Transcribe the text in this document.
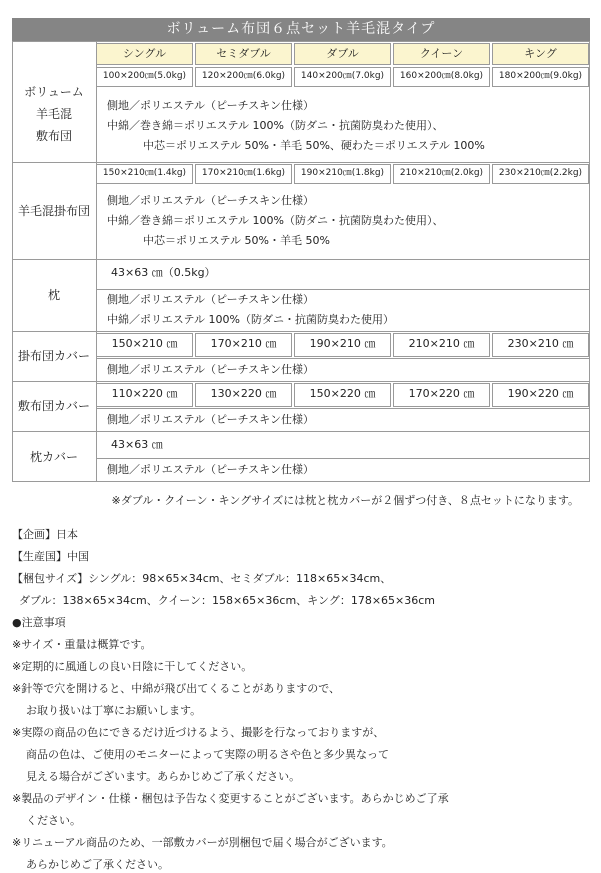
ボリューム布団６点セット羊毛混タイプ
シングル	セミダブル	ダブル	クイーン	キング
ボリューム
羊毛混
敷布団
100×200㎝(5.0kg)	120×200㎝(6.0kg)	140×200㎝(7.0kg)	160×200㎝(8.0kg)	180×200㎝(9.0kg)
側地／ポリエステル（ピーチスキン仕様）
中綿／巻き綿＝ポリエステル 100%（防ダニ・抗菌防臭わた使用）、
中芯＝ポリエステル 50%・羊毛 50%、硬わた＝ポリエステル 100%
羊毛混掛布団
150×210㎝(1.4kg)	170×210㎝(1.6kg)	190×210㎝(1.8kg)	210×210㎝(2.0kg)	230×210㎝(2.2kg)
側地／ポリエステル（ピーチスキン仕様）
中綿／巻き綿＝ポリエステル 100%（防ダニ・抗菌防臭わた使用）、
中芯＝ポリエステル 50%・羊毛 50%
枕
43×63 ㎝（0.5kg）
側地／ポリエステル（ピーチスキン仕様）
中綿／ポリエステル 100%（防ダニ・抗菌防臭わた使用）
掛布団カバー
150×210 ㎝	170×210 ㎝	190×210 ㎝	210×210 ㎝	230×210 ㎝
側地／ポリエステル（ピーチスキン仕様）
敷布団カバー
110×220 ㎝	130×220 ㎝	150×220 ㎝	170×220 ㎝	190×220 ㎝
側地／ポリエステル（ピーチスキン仕様）
枕カバー
43×63 ㎝
側地／ポリエステル（ピーチスキン仕様）
※ダブル・クイーン・キングサイズには枕と枕カバーが２個ずつ付き、８点セットになります。
【企画】日本
【生産国】中国
【梱包サイズ】シングル：98×65×34cm、セミダブル：118×65×34cm、
ダブル：138×65×34cm、クイーン：158×65×36cm、キング：178×65×36cm
●注意事項
※サイズ・重量は概算です。
※定期的に風通しの良い日陰に干してください。
※針等で穴を開けると、中綿が飛び出てくることがありますので、
お取り扱いは丁寧にお願いします。
※実際の商品の色にできるだけ近づけるよう、撮影を行なっておりますが、
商品の色は、ご使用のモニターによって実際の明るさや色と多少異なって
見える場合がございます。あらかじめご了承ください。
※製品のデザイン・仕様・梱包は予告なく変更することがございます。あらかじめご了承
ください。
※リニューアル商品のため、一部敷カバーが別梱包で届く場合がございます。
あらかじめご了承ください。
